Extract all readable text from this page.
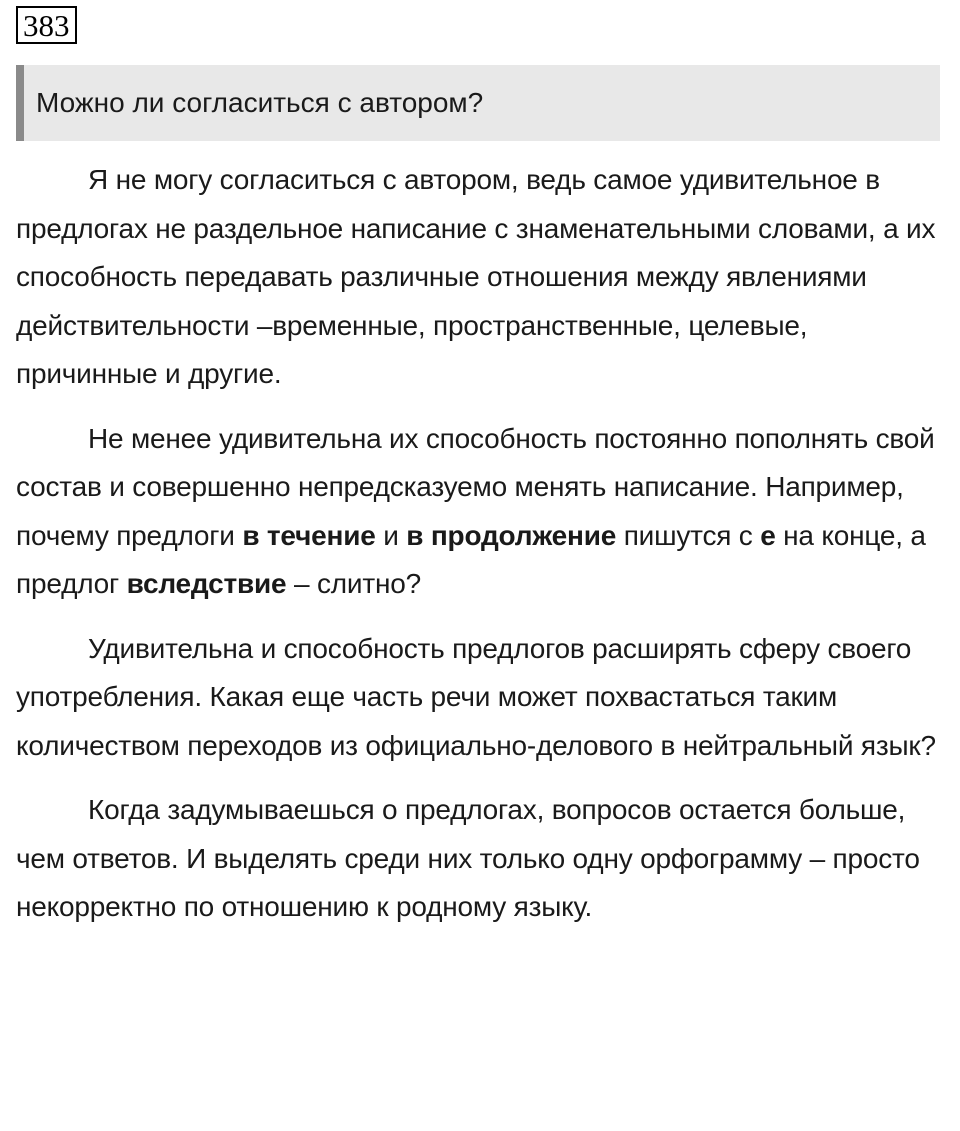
383
Можно ли согласиться с автором?

Я не могу согласиться с автором, ведь самое удивительное в предлогах не раздельное написание с знаменательными словами, а их способность передавать различные отношения между явлениями действительности –временные, пространственные, целевые, причинные и другие.

Не менее удивительна их способность постоянно пополнять свой состав и совершенно непредсказуемо менять написание. Например, почему предлоги в течение и в продолжение пишутся с е на конце, а предлог вследствие – слитно?

Удивительна и способность предлогов расширять сферу своего употребления. Какая еще часть речи может похвастаться таким количеством переходов из официально-делового в нейтральный язык?

Когда задумываешься о предлогах, вопросов остается больше, чем ответов. И выделять среди них только одну орфограмму – просто некорректно по отношению к родному языку.
